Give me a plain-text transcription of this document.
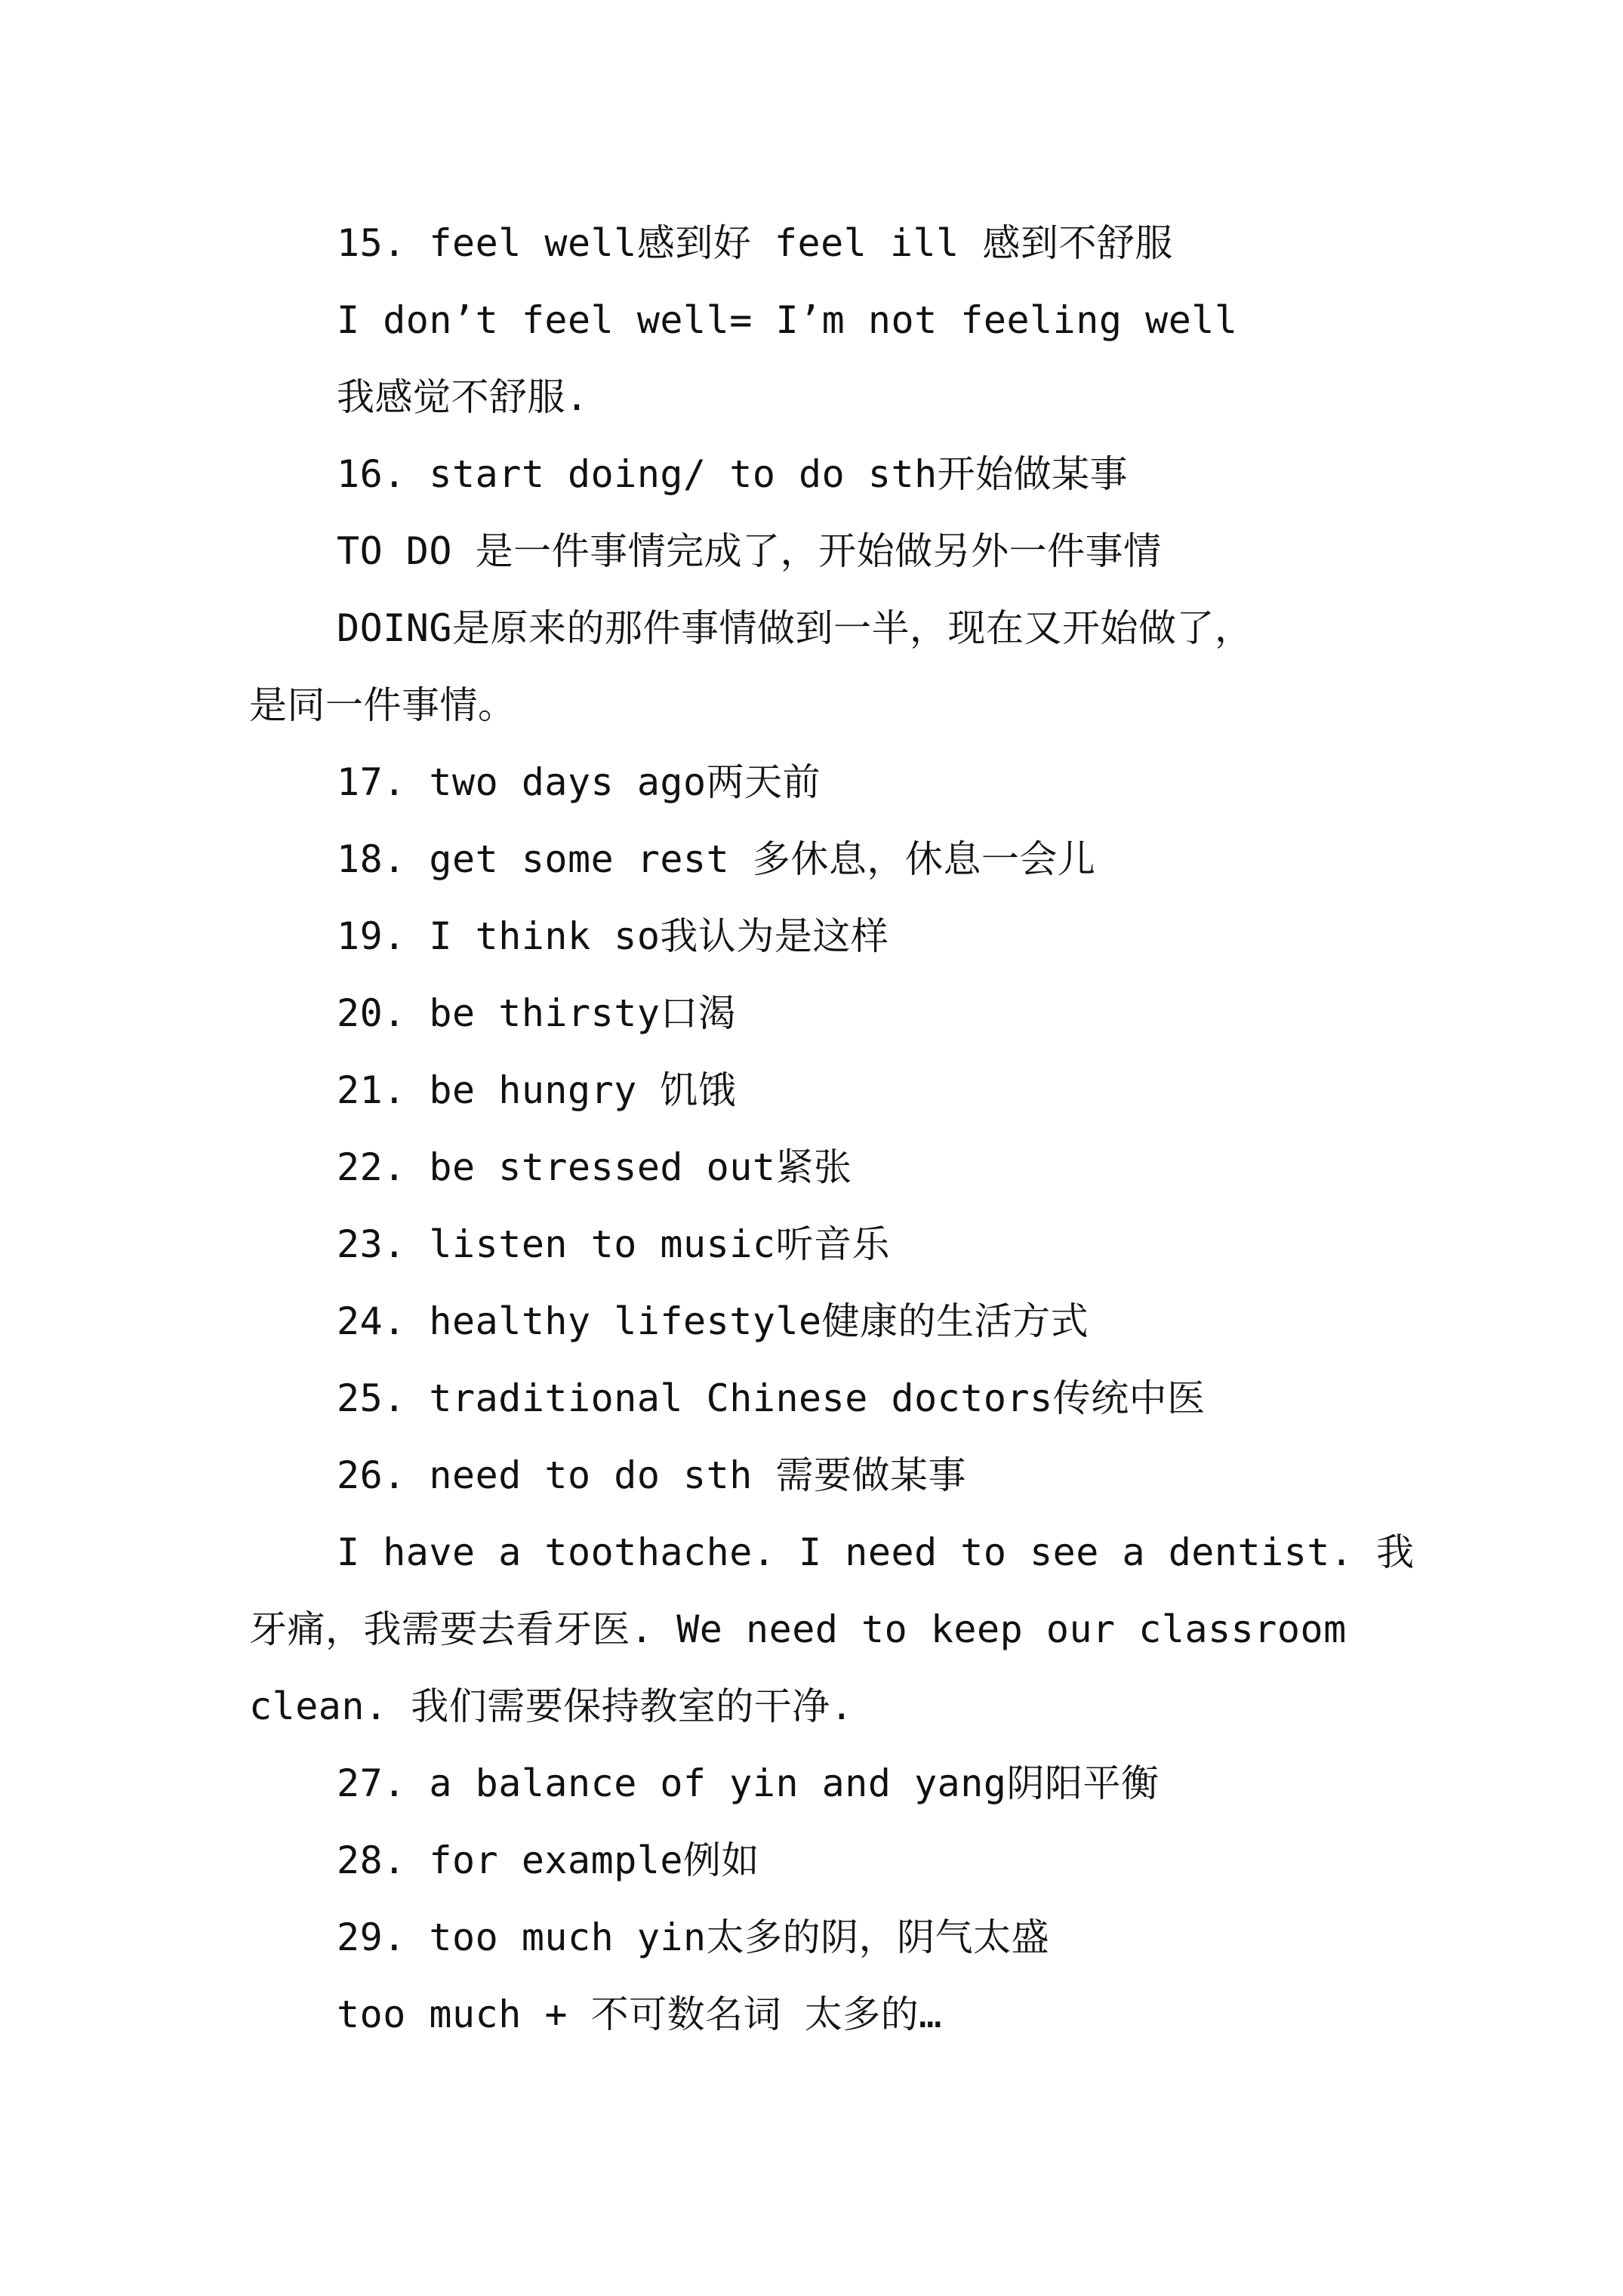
15. feel well感到好 feel ill 感到不舒服

I don’t feel well= I’m not feeling well

我感觉不舒服.

16. start doing/ to do sth开始做某事

TO DO 是一件事情完成了，开始做另外一件事情

DOING是原来的那件事情做到一半，现在又开始做了，

是同一件事情。

17. two days ago两天前

18. get some rest 多休息，休息一会儿

19. I think so我认为是这样

20. be thirsty口渴

21. be hungry 饥饿

22. be stressed out紧张

23. listen to music听音乐

24. healthy lifestyle健康的生活方式

25. traditional Chinese doctors传统中医

26. need to do sth 需要做某事

I have a toothache. I need to see a dentist. 我

牙痛，我需要去看牙医. We need to keep our classroom

clean. 我们需要保持教室的干净.

27. a balance of yin and yang阴阳平衡

28. for example例如

29. too much yin太多的阴，阴气太盛

too much + 不可数名词 太多的…
